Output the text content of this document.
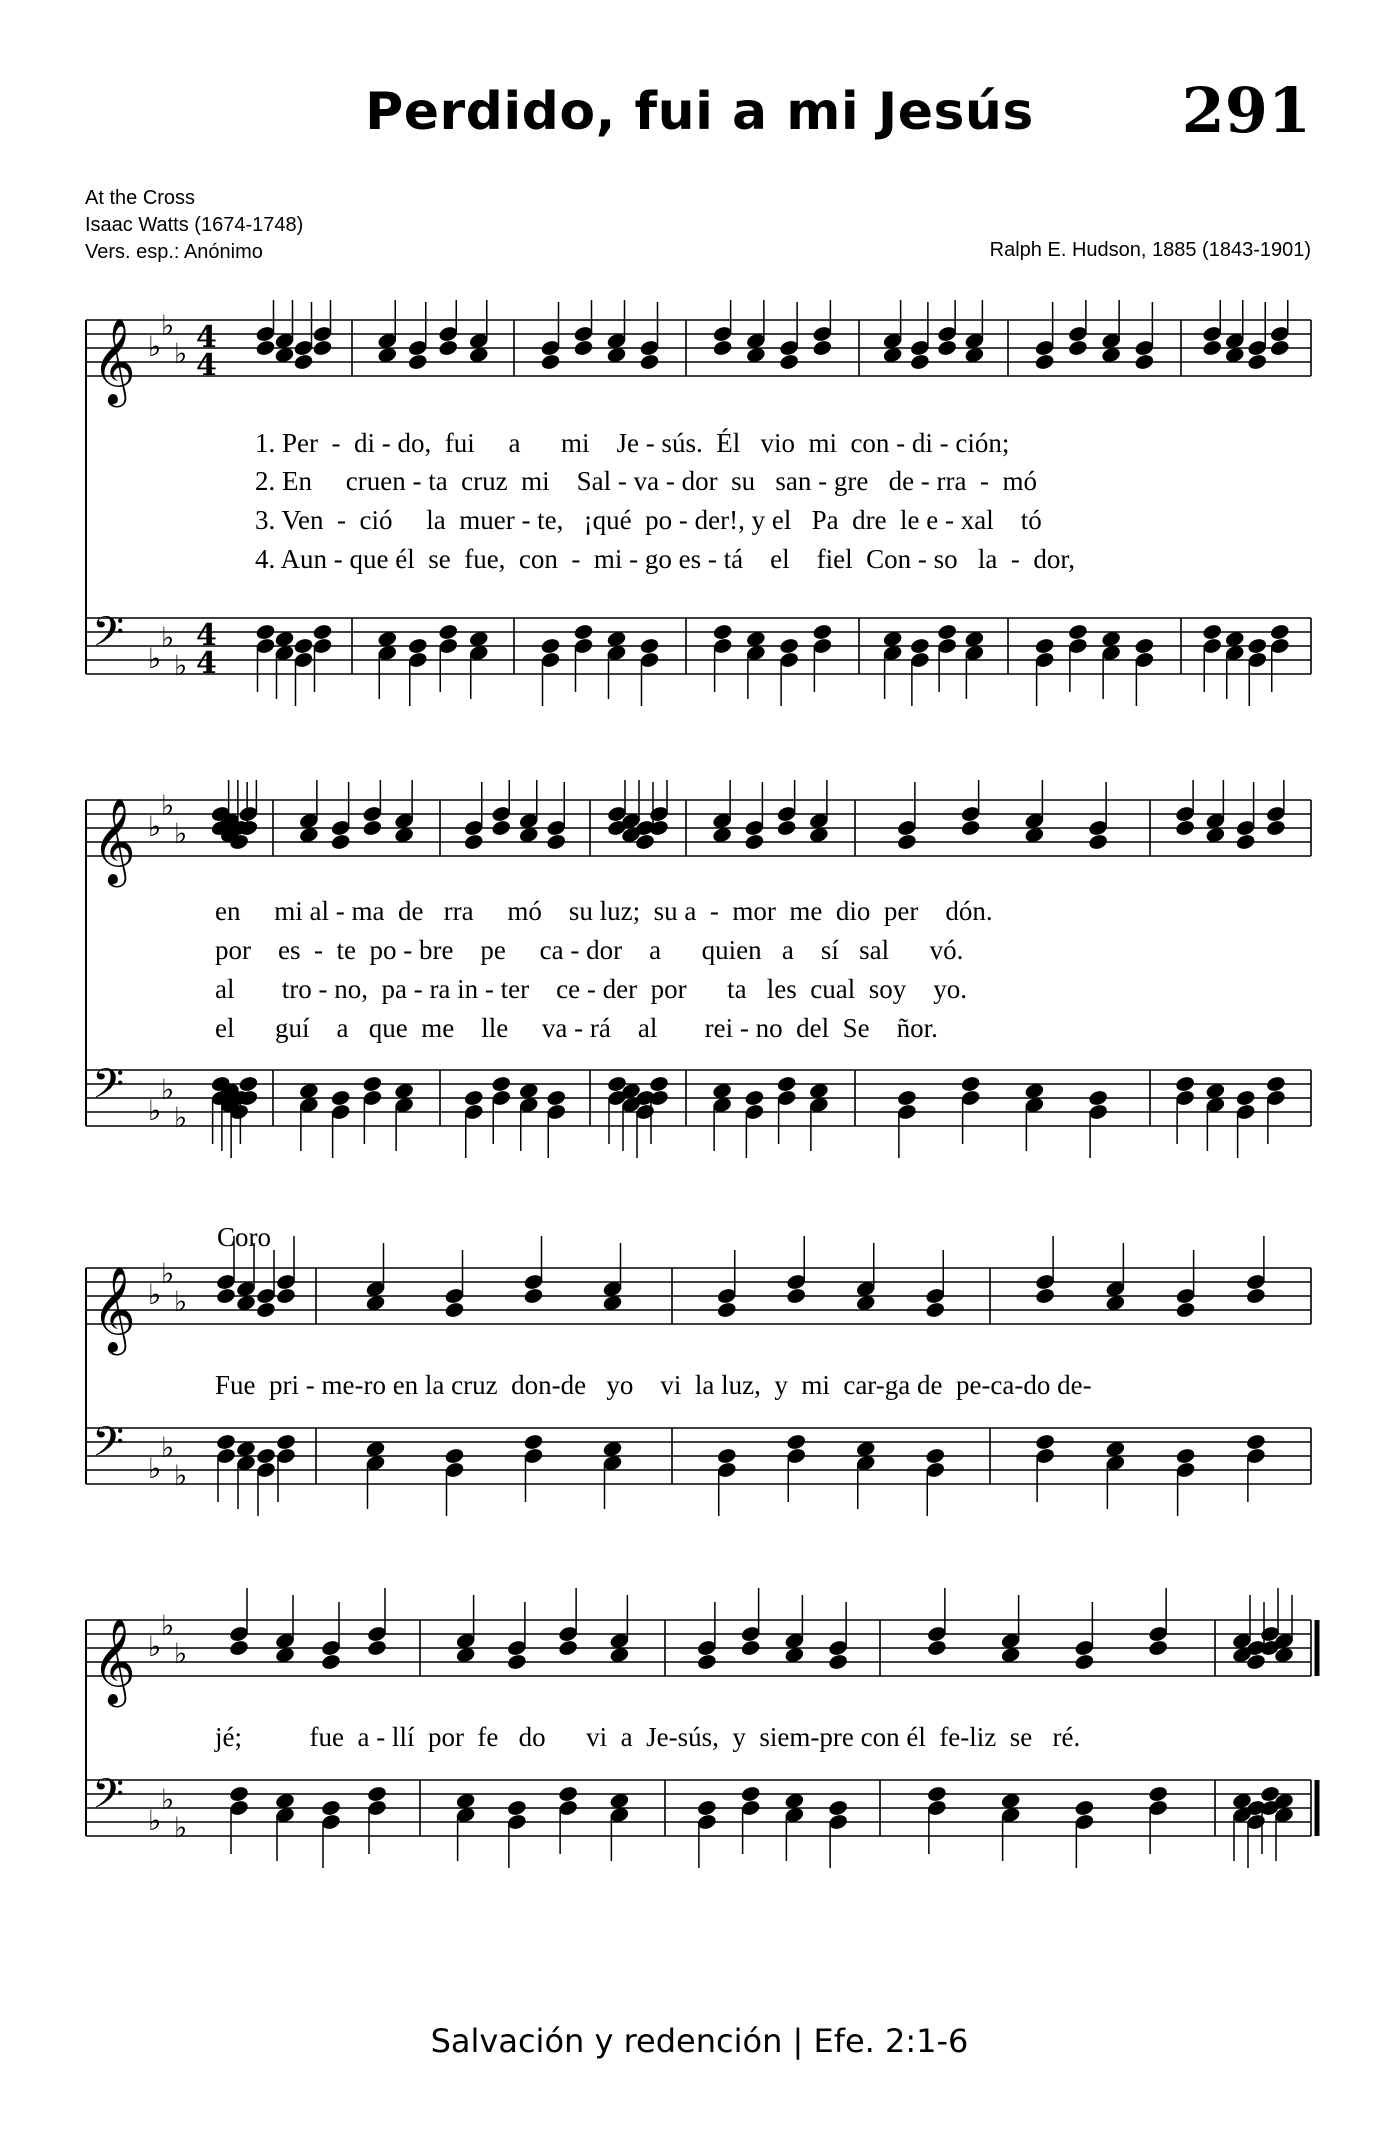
Perdido, fui a mi Jesús	291
At the Cross
Isaac Watts (1674-1748)
Vers. esp.: Anónimo	Ralph E. Hudson, 1885 (1843-1901)
𝄞 ♭
♭
♭ 4
4
𝄢 ♭
♭
♭
4
4
1. Per  -  di - do,  fui     a      mi    Je - sús.  Él   vio  mi  con - di - ción;
2. En     cruen - ta  cruz  mi    Sal - va - dor  su   san - gre   de - rra  -  mó
3. Ven  -  ció     la  muer - te,   ¡qué  po - der!, y el   Pa  dre  le e - xal    tó
4. Aun - que él  se  fue,  con  -  mi - go es - tá    el    fiel  Con - so   la  -  dor,
𝄞 ♭
♭
♭
𝄢 ♭
♭
♭
en     mi al - ma  de   rra     mó    su luz;  su a  -  mor  me  dio  per    dón.
por    es  -  te  po - bre    pe     ca - dor    a      quien   a    sí   sal      vó.
al       tro - no,  pa - ra in - ter    ce - der  por      ta   les  cual  soy    yo.
el      guí    a   que  me    lle     va - rá    al       rei - no  del  Se    ñor.
Coro
𝄞 ♭
♭
♭
𝄢 ♭
♭
♭
Fue  pri - me-ro en la cruz  don-de   yo    vi  la luz,  y  mi  car-ga de  pe-ca-do de-
𝄞 ♭
♭
♭
𝄢 ♭
♭
♭
jé;          fue  a - llí  por  fe   do      vi  a  Je-sús,  y  siem-pre con él  fe-liz  se   ré.
Salvación y redención | Efe. 2:1-6
